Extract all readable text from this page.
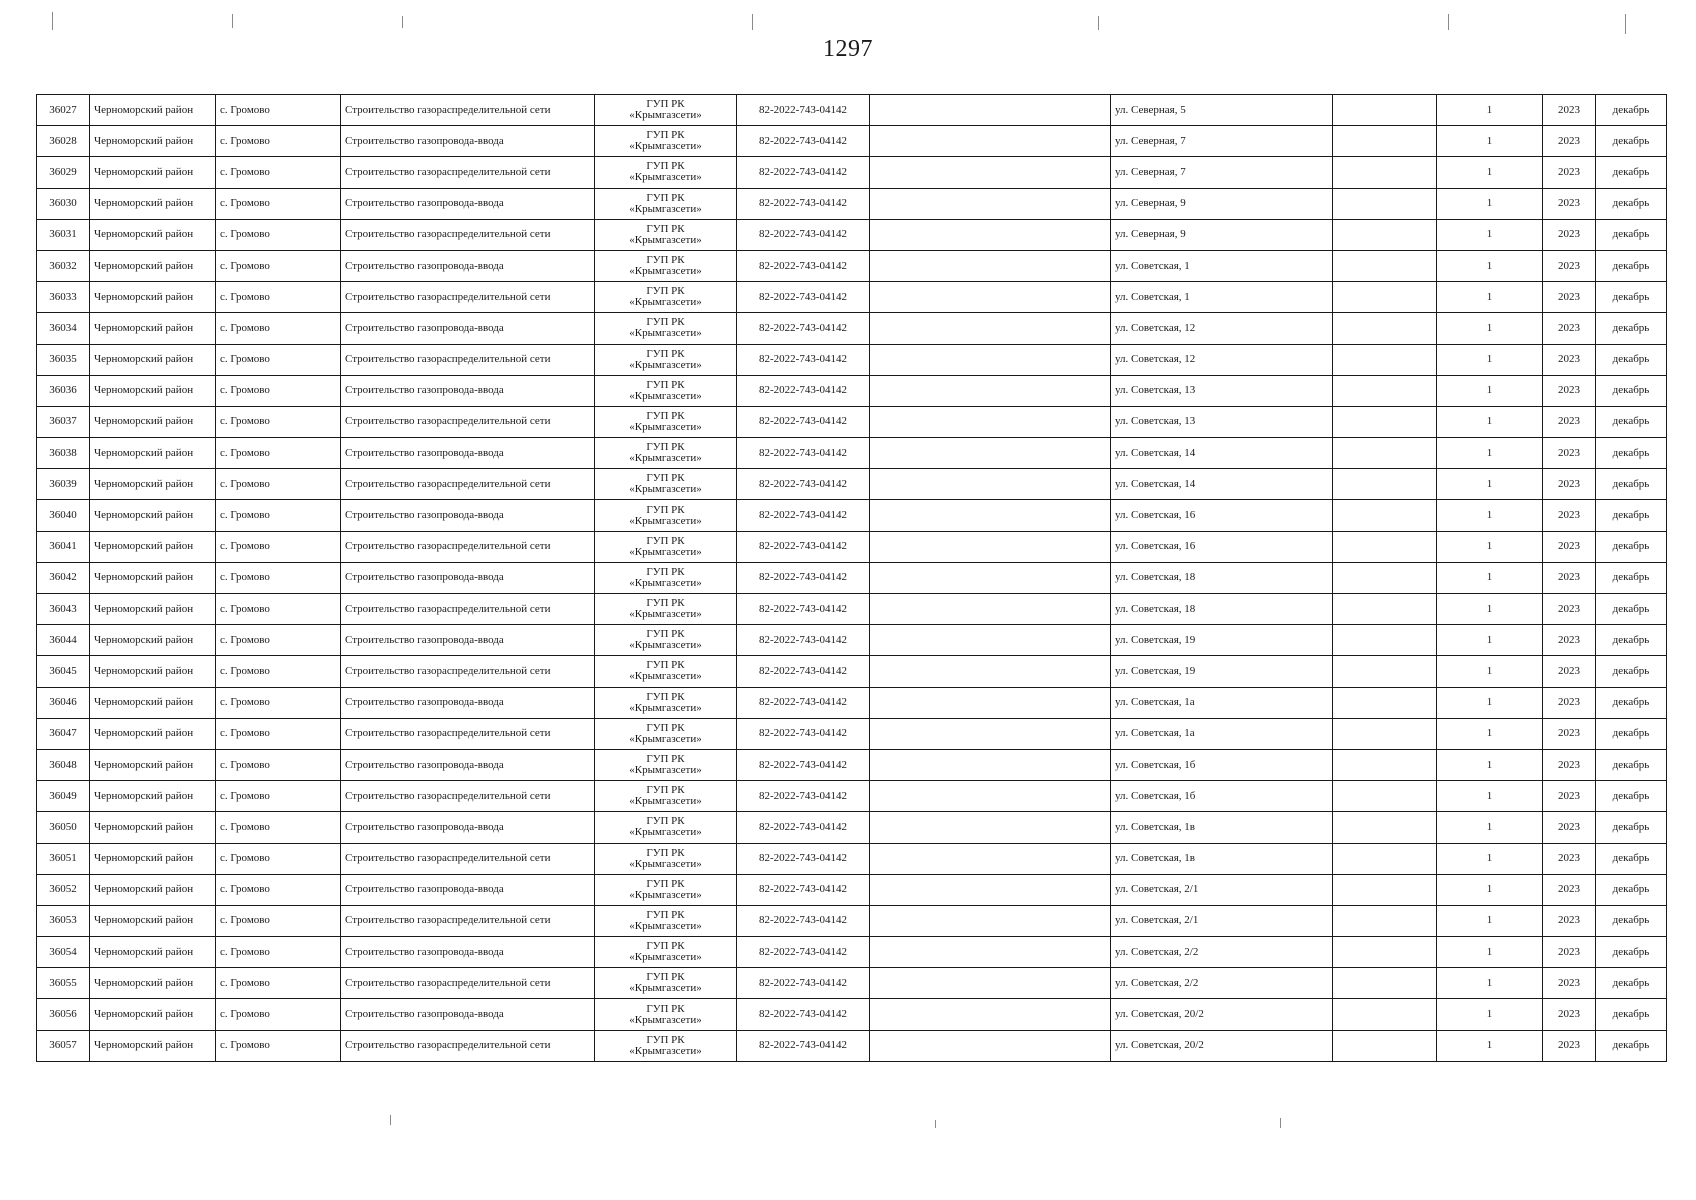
1297
36027	Черноморский район	с. Громово	Строительство газораспределительной сети	ГУП РК
«Крымгазсети»	82-2022-743-04142		ул. Северная, 5		1	2023	декабрь
36028	Черноморский район	с. Громово	Строительство газопровода-ввода	ГУП РК
«Крымгазсети»	82-2022-743-04142		ул. Северная, 7		1	2023	декабрь
36029	Черноморский район	с. Громово	Строительство газораспределительной сети	ГУП РК
«Крымгазсети»	82-2022-743-04142		ул. Северная, 7		1	2023	декабрь
36030	Черноморский район	с. Громово	Строительство газопровода-ввода	ГУП РК
«Крымгазсети»	82-2022-743-04142		ул. Северная, 9		1	2023	декабрь
36031	Черноморский район	с. Громово	Строительство газораспределительной сети	ГУП РК
«Крымгазсети»	82-2022-743-04142		ул. Северная, 9		1	2023	декабрь
36032	Черноморский район	с. Громово	Строительство газопровода-ввода	ГУП РК
«Крымгазсети»	82-2022-743-04142		ул. Советская, 1		1	2023	декабрь
36033	Черноморский район	с. Громово	Строительство газораспределительной сети	ГУП РК
«Крымгазсети»	82-2022-743-04142		ул. Советская, 1		1	2023	декабрь
36034	Черноморский район	с. Громово	Строительство газопровода-ввода	ГУП РК
«Крымгазсети»	82-2022-743-04142		ул. Советская, 12		1	2023	декабрь
36035	Черноморский район	с. Громово	Строительство газораспределительной сети	ГУП РК
«Крымгазсети»	82-2022-743-04142		ул. Советская, 12		1	2023	декабрь
36036	Черноморский район	с. Громово	Строительство газопровода-ввода	ГУП РК
«Крымгазсети»	82-2022-743-04142		ул. Советская, 13		1	2023	декабрь
36037	Черноморский район	с. Громово	Строительство газораспределительной сети	ГУП РК
«Крымгазсети»	82-2022-743-04142		ул. Советская, 13		1	2023	декабрь
36038	Черноморский район	с. Громово	Строительство газопровода-ввода	ГУП РК
«Крымгазсети»	82-2022-743-04142		ул. Советская, 14		1	2023	декабрь
36039	Черноморский район	с. Громово	Строительство газораспределительной сети	ГУП РК
«Крымгазсети»	82-2022-743-04142		ул. Советская, 14		1	2023	декабрь
36040	Черноморский район	с. Громово	Строительство газопровода-ввода	ГУП РК
«Крымгазсети»	82-2022-743-04142		ул. Советская, 16		1	2023	декабрь
36041	Черноморский район	с. Громово	Строительство газораспределительной сети	ГУП РК
«Крымгазсети»	82-2022-743-04142		ул. Советская, 16		1	2023	декабрь
36042	Черноморский район	с. Громово	Строительство газопровода-ввода	ГУП РК
«Крымгазсети»	82-2022-743-04142		ул. Советская, 18		1	2023	декабрь
36043	Черноморский район	с. Громово	Строительство газораспределительной сети	ГУП РК
«Крымгазсети»	82-2022-743-04142		ул. Советская, 18		1	2023	декабрь
36044	Черноморский район	с. Громово	Строительство газопровода-ввода	ГУП РК
«Крымгазсети»	82-2022-743-04142		ул. Советская, 19		1	2023	декабрь
36045	Черноморский район	с. Громово	Строительство газораспределительной сети	ГУП РК
«Крымгазсети»	82-2022-743-04142		ул. Советская, 19		1	2023	декабрь
36046	Черноморский район	с. Громово	Строительство газопровода-ввода	ГУП РК
«Крымгазсети»	82-2022-743-04142		ул. Советская, 1а		1	2023	декабрь
36047	Черноморский район	с. Громово	Строительство газораспределительной сети	ГУП РК
«Крымгазсети»	82-2022-743-04142		ул. Советская, 1а		1	2023	декабрь
36048	Черноморский район	с. Громово	Строительство газопровода-ввода	ГУП РК
«Крымгазсети»	82-2022-743-04142		ул. Советская, 1б		1	2023	декабрь
36049	Черноморский район	с. Громово	Строительство газораспределительной сети	ГУП РК
«Крымгазсети»	82-2022-743-04142		ул. Советская, 1б		1	2023	декабрь
36050	Черноморский район	с. Громово	Строительство газопровода-ввода	ГУП РК
«Крымгазсети»	82-2022-743-04142		ул. Советская, 1в		1	2023	декабрь
36051	Черноморский район	с. Громово	Строительство газораспределительной сети	ГУП РК
«Крымгазсети»	82-2022-743-04142		ул. Советская, 1в		1	2023	декабрь
36052	Черноморский район	с. Громово	Строительство газопровода-ввода	ГУП РК
«Крымгазсети»	82-2022-743-04142		ул. Советская, 2/1		1	2023	декабрь
36053	Черноморский район	с. Громово	Строительство газораспределительной сети	ГУП РК
«Крымгазсети»	82-2022-743-04142		ул. Советская, 2/1		1	2023	декабрь
36054	Черноморский район	с. Громово	Строительство газопровода-ввода	ГУП РК
«Крымгазсети»	82-2022-743-04142		ул. Советская, 2/2		1	2023	декабрь
36055	Черноморский район	с. Громово	Строительство газораспределительной сети	ГУП РК
«Крымгазсети»	82-2022-743-04142		ул. Советская, 2/2		1	2023	декабрь
36056	Черноморский район	с. Громово	Строительство газопровода-ввода	ГУП РК
«Крымгазсети»	82-2022-743-04142		ул. Советская, 20/2		1	2023	декабрь
36057	Черноморский район	с. Громово	Строительство газораспределительной сети	ГУП РК
«Крымгазсети»	82-2022-743-04142		ул. Советская, 20/2		1	2023	декабрь
